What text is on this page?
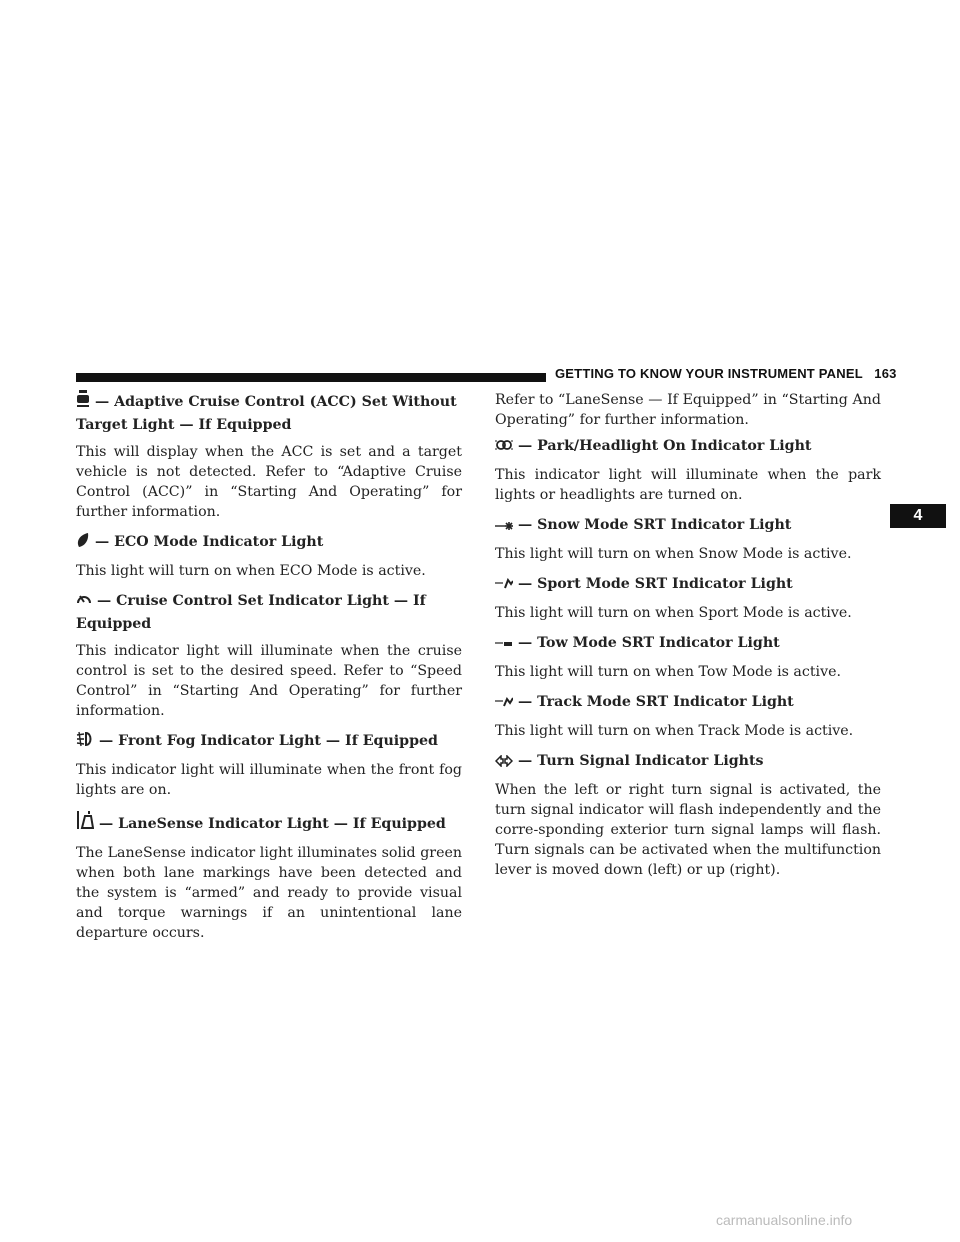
GETTING TO KNOW YOUR INSTRUMENT PANEL 163
4
— Adaptive Cruise Control (ACC) Set Without Target Light — If Equipped

This will display when the ACC is set and a target vehicle is not detected. Refer to “Adaptive Cruise Control (ACC)” in “Starting And Operating” for further information.

— ECO Mode Indicator Light

This light will turn on when ECO Mode is active.

— Cruise Control Set Indicator Light — If Equipped

This indicator light will illuminate when the cruise control is set to the desired speed. Refer to “Speed Control” in “Starting And Operating” for further information.

— Front Fog Indicator Light — If Equipped

This indicator light will illuminate when the front fog lights are on.

— LaneSense Indicator Light — If Equipped

The LaneSense indicator light illuminates solid green when both lane markings have been detected and the system is “armed” and ready to provide visual and torque warnings if an unintentional lane departure occurs.

Refer to “LaneSense — If Equipped” in “Starting And Operating” for further information.

— Park/Headlight On Indicator Light

This indicator light will illuminate when the park lights or headlights are turned on.

— Snow Mode SRT Indicator Light

This light will turn on when Snow Mode is active.

— Sport Mode SRT Indicator Light

This light will turn on when Sport Mode is active.

— Tow Mode SRT Indicator Light

This light will turn on when Tow Mode is active.

— Track Mode SRT Indicator Light

This light will turn on when Track Mode is active.

— Turn Signal Indicator Lights

When the left or right turn signal is activated, the turn signal indicator will flash independently and the corre-sponding exterior turn signal lamps will flash. Turn signals can be activated when the multifunction lever is moved down (left) or up (right).

carmanualsonline.info
